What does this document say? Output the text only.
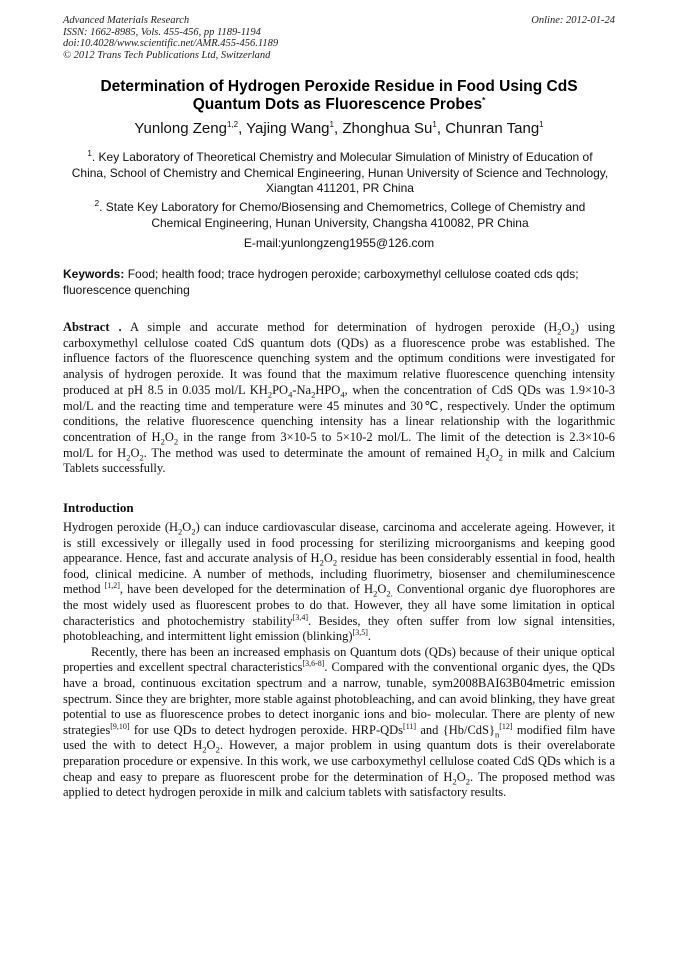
Advanced Materials Research
ISSN: 1662-8985, Vols. 455-456, pp 1189-1194
doi:10.4028/www.scientific.net/AMR.455-456.1189
© 2012 Trans Tech Publications Ltd, Switzerland
Online: 2012-01-24
Determination of Hydrogen Peroxide Residue in Food Using CdS
Quantum Dots as Fluorescence Probes*
Yunlong Zeng$^{1,2}$, Yajing Wang$^1$, Zhonghua Su$^1$, Chunran Tang$^1$
$^1$. Key Laboratory of Theoretical Chemistry and Molecular Simulation of Ministry of Education of China, School of Chemistry and Chemical Engineering, Hunan University of Science and Technology, Xiangtan 411201, PR China
$^2$. State Key Laboratory for Chemo/Biosensing and Chemometrics, College of Chemistry and Chemical Engineering, Hunan University, Changsha 410082, PR China
E-mail:yunlongzeng1955@126.com
Keywords: Food; health food; trace hydrogen peroxide; carboxymethyl cellulose coated cds qds; fluorescence quenching
Abstract . A simple and accurate method for determination of hydrogen peroxide $(H_2O_2)$ using carboxymethyl cellulose coated CdS quantum dots (QDs) as a fluorescence probe was established. The influence factors of the fluorescence quenching system and the optimum conditions were investigated for analysis of hydrogen peroxide. It was found that the maximum relative fluorescence quenching intensity produced at pH 8.5 in 0.035 mol/L $KH_2PO_4-Na_2HPO_4$, when the concentration of CdS QDs was 1.9×10-3 mol/L and the reacting time and temperature were 45 minutes and 30℃, respectively. Under the optimum conditions, the relative fluorescence quenching intensity has a linear relationship with the logarithmic concentration of $H_2O_2$ in the range from 3×10-5 to 5×10-2 mol/L. The limit of the detection is 2.3×10-6 mol/L for $H_2O_2$. The method was used to determinate the amount of remained $H_2O_2$ in milk and Calcium Tablets successfully.
Introduction

Hydrogen peroxide $(H_2O_2)$ can induce cardiovascular disease, carcinoma and accelerate ageing. However, it is still excessively or illegally used in food processing for sterilizing microorganisms and keeping good appearance. Hence, fast and accurate analysis of $H_2O_2$ residue has been considerably essential in food, health food, clinical medicine. A number of methods, including fluorimetry, biosenser and chemiluminescence method [1,2], have been developed for the determination of $H_2O_{2.}$ Conventional organic dye fluorophores are the most widely used as fluorescent probes to do that. However, they all have some limitation in optical characteristics and photochemistry stability[3,4]. Besides, they often suffer from low signal intensities, photobleaching, and intermittent light emission (blinking)[3,5].

Recently, there has been an increased emphasis on Quantum dots (QDs) because of their unique optical properties and excellent spectral characteristics[3,6-8]. Compared with the conventional organic dyes, the QDs have a broad, continuous excitation spectrum and a narrow, tunable, sym2008BAI63B04metric emission spectrum. Since they are brighter, more stable against photobleaching, and can avoid blinking, they have great potential to use as fluorescence probes to detect inorganic ions and bio- molecular. There are plenty of new strategies[9,10] for use QDs to detect hydrogen peroxide. HRP-QDs[11] and $\{Hb/CdS\}_n[12]$ modified film have used the with to detect $H_2O_2$. However, a major problem in using quantum dots is their overelaborate preparation procedure or expensive. In this work, we use carboxymethyl cellulose coated CdS QDs which is a cheap and easy to prepare as fluorescent probe for the determination of $H_2O_2$. The proposed method was applied to detect hydrogen peroxide in milk and calcium tablets with satisfactory results.
